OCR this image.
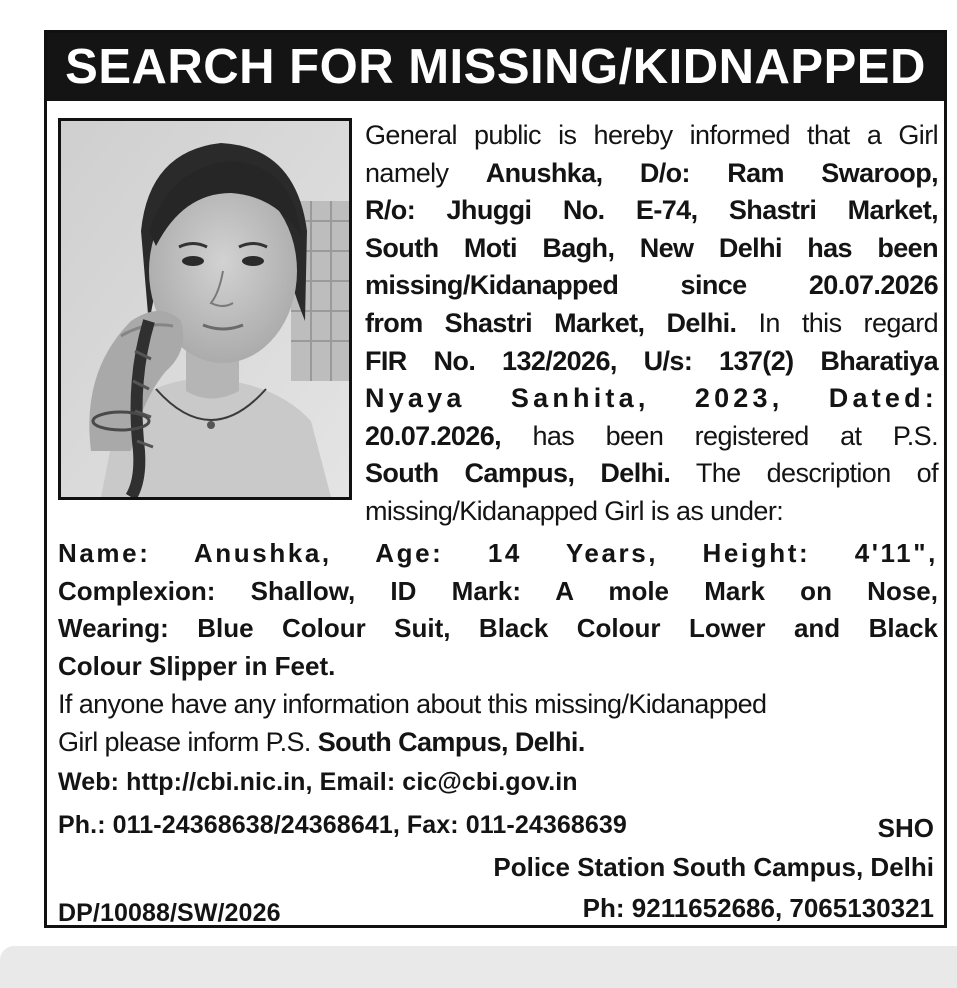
SEARCH FOR MISSING/KIDNAPPED
General public is hereby informed that a Girl
namely Anushka, D/o: Ram Swaroop,
R/o: Jhuggi No. E-74, Shastri Market,
South Moti Bagh, New Delhi has been
missing/Kidanapped since 20.07.2026
from Shastri Market, Delhi. In this regard
FIR No. 132/2026, U/s: 137(2) Bharatiya
Nyaya Sanhita, 2023, Dated:
20.07.2026, has been registered at P.S.
South Campus, Delhi. The description of
missing/Kidanapped Girl is as under:
Name: Anushka, Age: 14 Years, Height: 4'11",
Complexion: Shallow, ID Mark: A mole Mark on Nose,
Wearing: Blue Colour Suit, Black Colour Lower and Black
Colour Slipper in Feet.
If anyone have any information about this missing/Kidanapped
Girl please inform P.S. South Campus, Delhi.
Web: http://cbi.nic.in, Email: cic@cbi.gov.in
Ph.: 011-24368638/24368641, Fax: 011-24368639
DP/10088/SW/2026
SHO
Police Station South Campus, Delhi
Ph: 9211652686, 7065130321
